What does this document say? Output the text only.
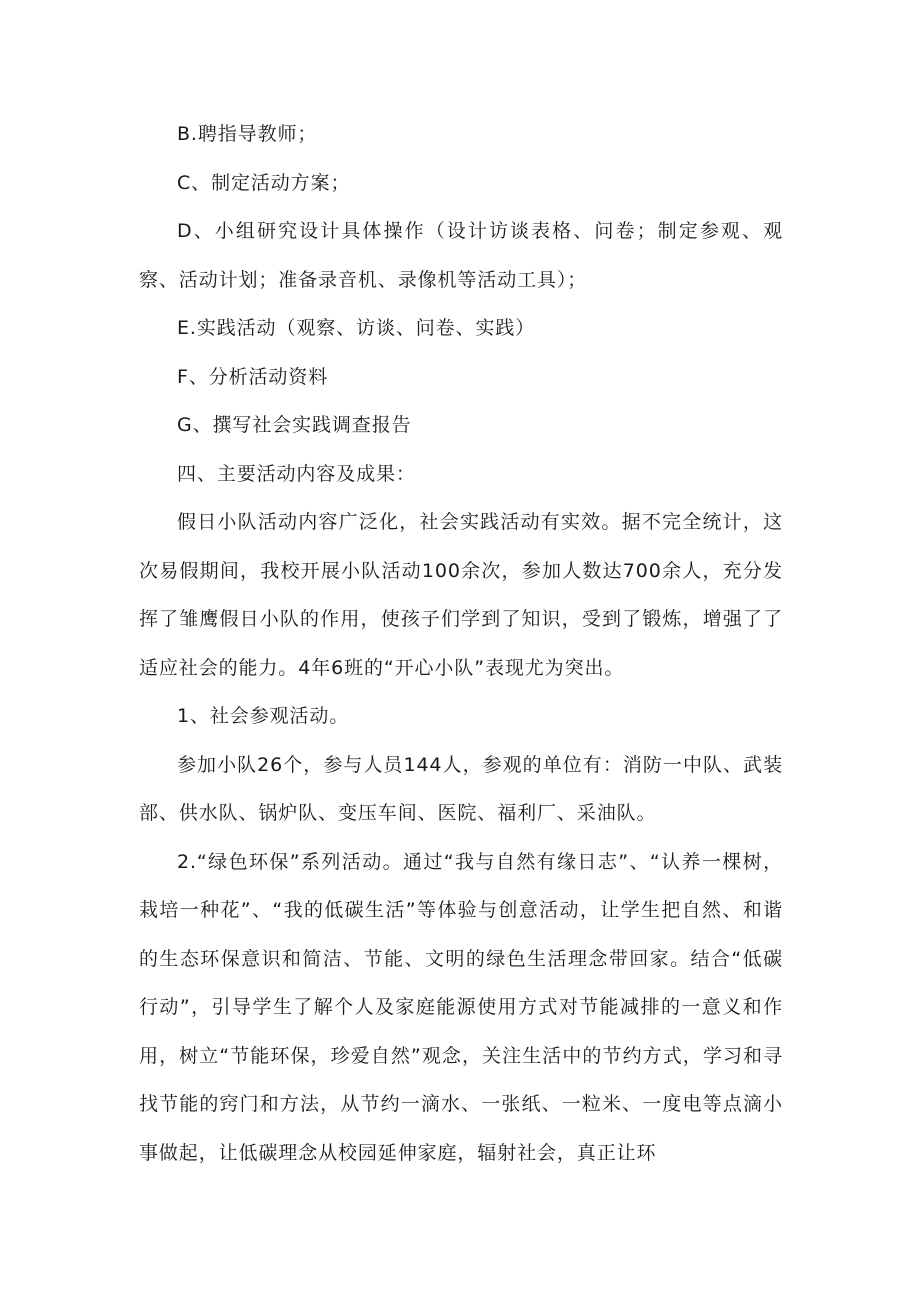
B.聘指导教师；

C、制定活动方案；

D、小组研究设计具体操作（设计访谈表格、问卷；制定参观、观察、活动计划；准备录音机、录像机等活动工具）；

E.实践活动（观察、访谈、问卷、实践）

F、分析活动资料

G、撰写社会实践调查报告

四、主要活动内容及成果：

假日小队活动内容广泛化，社会实践活动有实效。据不完全统计，这次易假期间，我校开展小队活动100余次，参加人数达700余人，充分发挥了雏鹰假日小队的作用，使孩子们学到了知识，受到了锻炼，增强了了适应社会的能力。4年6班的“开心小队”表现尤为突出。

1、社会参观活动。

参加小队26个，参与人员144人，参观的单位有：消防一中队、武装部、供水队、锅炉队、变压车间、医院、福利厂、采油队。

2.“绿色环保”系列活动。通过“我与自然有缘日志”、“认养一棵树，栽培一种花”、“我的低碳生活”等体验与创意活动，让学生把自然、和谐的生态环保意识和简洁、节能、文明的绿色生活理念带回家。结合“低碳行动”，引导学生了解个人及家庭能源使用方式对节能减排的一意义和作用，树立“节能环保，珍爱自然”观念，关注生活中的节约方式，学习和寻找节能的窍门和方法，从节约一滴水、一张纸、一粒米、一度电等点滴小事做起，让低碳理念从校园延伸家庭，辐射社会，真正让环
